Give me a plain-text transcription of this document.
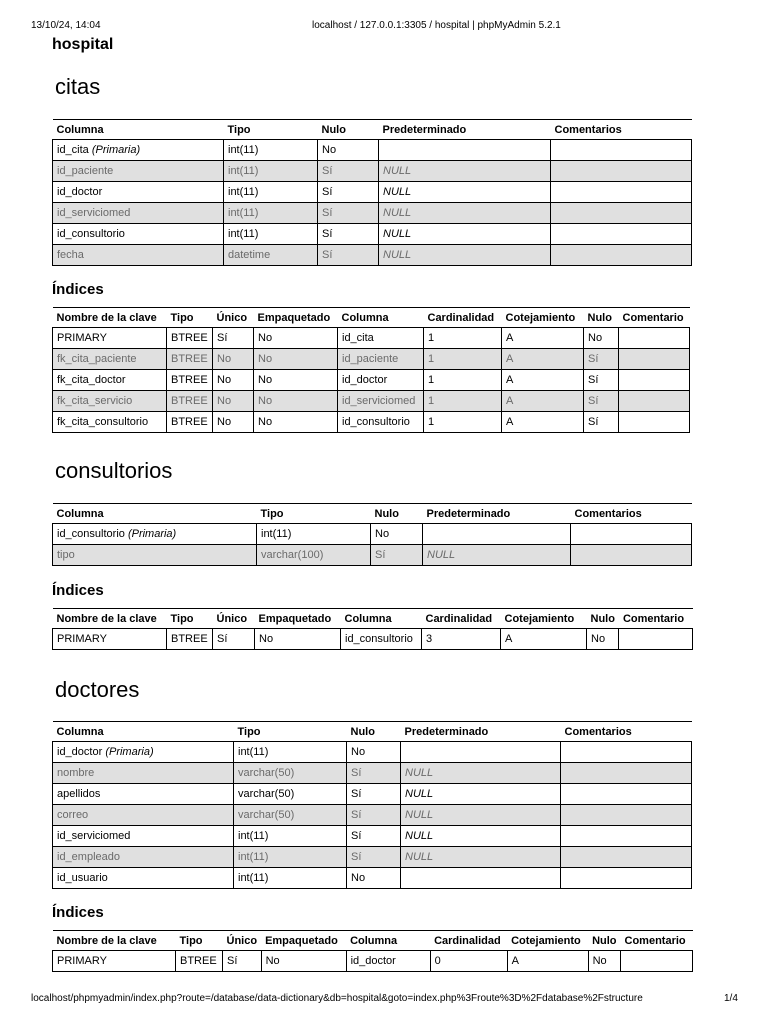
13/10/24, 14:04	localhost / 127.0.0.1:3305 / hospital | phpMyAdmin 5.2.1
hospital
citas
Columna	Tipo	Nulo	Predeterminado	Comentarios
id_cita (Primaria)	int(11)	No		
id_paciente	int(11)	Sí	NULL	
id_doctor	int(11)	Sí	NULL	
id_serviciomed	int(11)	Sí	NULL	
id_consultorio	int(11)	Sí	NULL	
fecha	datetime	Sí	NULL	
Índices
Nombre de la clave	Tipo	Único	Empaquetado	Columna	Cardinalidad	Cotejamiento	Nulo	Comentario
PRIMARY	BTREE	Sí	No	id_cita	1	A	No	
fk_cita_paciente	BTREE	No	No	id_paciente	1	A	Sí	
fk_cita_doctor	BTREE	No	No	id_doctor	1	A	Sí	
fk_cita_servicio	BTREE	No	No	id_serviciomed	1	A	Sí	
fk_cita_consultorio	BTREE	No	No	id_consultorio	1	A	Sí	
consultorios
Columna	Tipo	Nulo	Predeterminado	Comentarios
id_consultorio (Primaria)	int(11)	No		
tipo	varchar(100)	Sí	NULL	
Índices
Nombre de la clave	Tipo	Único	Empaquetado	Columna	Cardinalidad	Cotejamiento	Nulo	Comentario
PRIMARY	BTREE	Sí	No	id_consultorio	3	A	No	
doctores
Columna	Tipo	Nulo	Predeterminado	Comentarios
id_doctor (Primaria)	int(11)	No		
nombre	varchar(50)	Sí	NULL	
apellidos	varchar(50)	Sí	NULL	
correo	varchar(50)	Sí	NULL	
id_serviciomed	int(11)	Sí	NULL	
id_empleado	int(11)	Sí	NULL	
id_usuario	int(11)	No		
Índices
Nombre de la clave	Tipo	Único	Empaquetado	Columna	Cardinalidad	Cotejamiento	Nulo	Comentario
PRIMARY	BTREE	Sí	No	id_doctor	0	A	No	
localhost/phpmyadmin/index.php?route=/database/data-dictionary&db=hospital&goto=index.php%3Froute%3D%2Fdatabase%2Fstructure	1/4
